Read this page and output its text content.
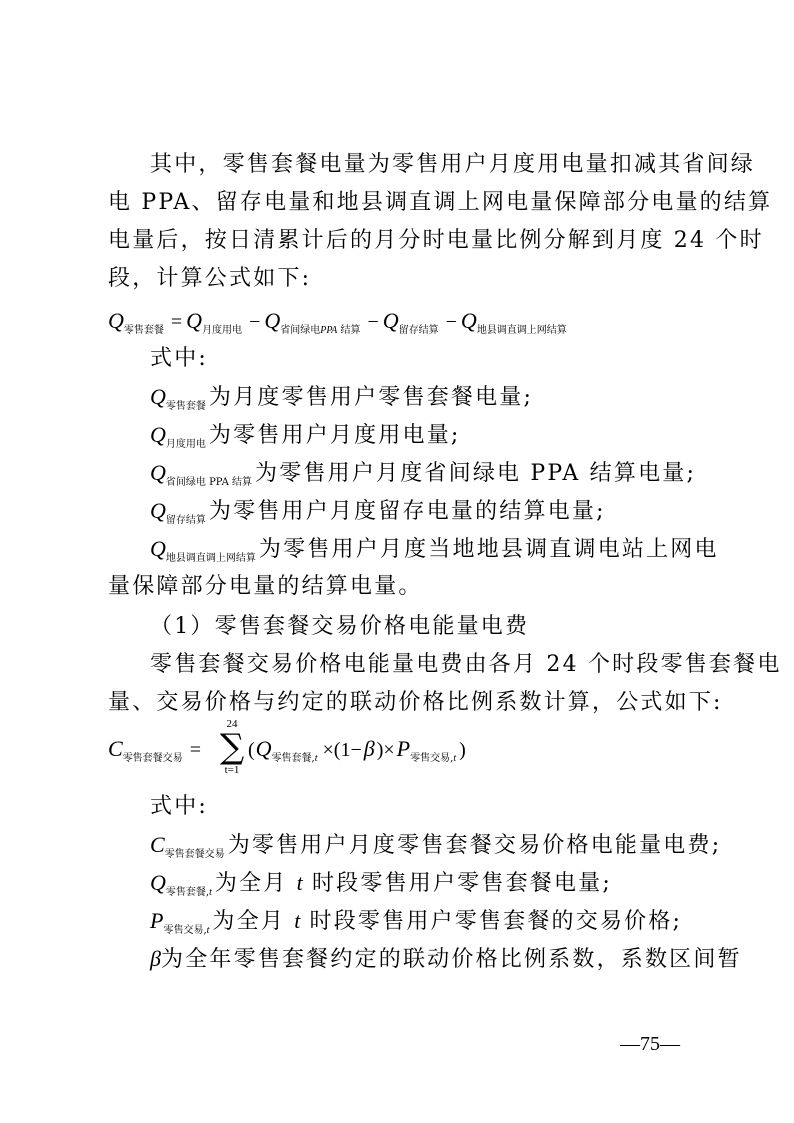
其中，零售套餐电量为零售用户月度用电量扣减其省间绿
电 PPA、留存电量和地县调直调上网电量保障部分电量的结算
电量后，按日清累计后的月分时电量比例分解到月度 24 个时
段，计算公式如下:
$Q_{零售套餐} = Q_{月度用电} - Q_{省间绿电PPA 结算} - Q_{留存结算} - Q_{地县调直调上网结算}$
式中:
$Q_{零售套餐}$ 为月度零售用户零售套餐电量;
$Q_{月度用电}$ 为零售用户月度用电量;
$Q_{省间绿电 PPA 结算}$ 为零售用户月度省间绿电 PPA 结算电量;
$Q_{留存结算}$ 为零售用户月度留存电量的结算电量;
$Q_{地县调直调上网结算}$ 为零售用户月度当地地县调直调电站上网电
量保障部分电量的结算电量。
（1）零售套餐交易价格电能量电费
零售套餐交易价格电能量电费由各月 24 个时段零售套餐电
量、交易价格与约定的联动价格比例系数计算，公式如下:
$C_{零售套餐交易}$ =
24
∑
t=1
($Q_{零售套餐,t} \times(1-\beta$ )$\times P_{零售交易,t}$ )
式中:
$C_{零售套餐交易}$ 为零售用户月度零售套餐交易价格电能量电费;
$Q_{零售套餐,t}$ 为全月 t 时段零售用户零售套餐电量;
$P_{零售交易,t}$ 为全月 t 时段零售用户零售套餐的交易价格;
β为全年零售套餐约定的联动价格比例系数，系数区间暂
—75—
